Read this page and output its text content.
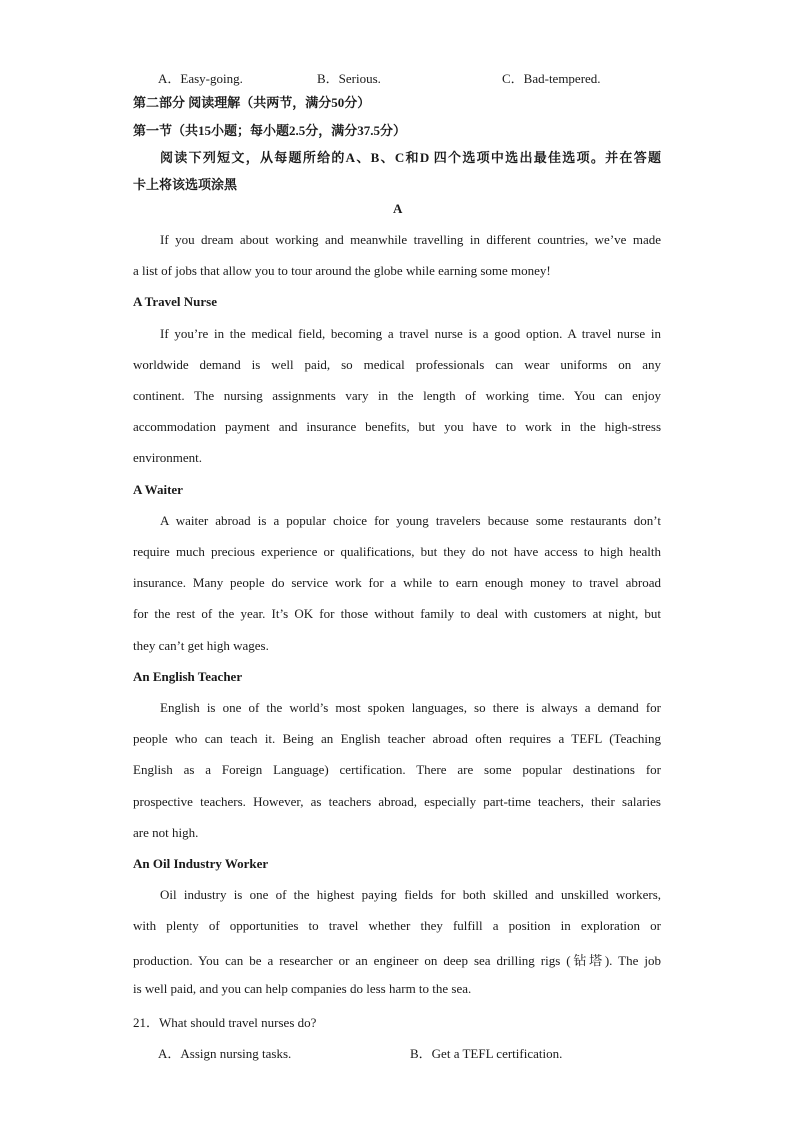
A．Easy-going.	B．Serious.	C．Bad-tempered.
第二部分 阅读理解（共两节，满分50分）
第一节（共15小题；每小题2.5分，满分37.5分）
阅读下列短文，从每题所给的A、B、C和D 四个选项中选出最佳选项。并在答题
卡上将该选项涂黑
A
If you dream about working and meanwhile travelling in different countries, we’ve made
a list of jobs that allow you to tour around the globe while earning some money!
A Travel Nurse
If you’re in the medical field, becoming a travel nurse is a good option. A travel nurse in
worldwide demand is well paid, so medical professionals can wear uniforms on any
continent. The nursing assignments vary in the length of working time. You can enjoy
accommodation payment and insurance benefits, but you have to work in the high-stress
environment.
A Waiter
A waiter abroad is a popular choice for young travelers because some restaurants don’t
require much precious experience or qualifications, but they do not have access to high health
insurance. Many people do service work for a while to earn enough money to travel abroad
for the rest of the year. It’s OK for those without family to deal with customers at night, but
they can’t get high wages.
An English Teacher
English is one of the world’s most spoken languages, so there is always a demand for
people who can teach it. Being an English teacher abroad often requires a TEFL (Teaching
English as a Foreign Language) certification. There are some popular destinations for
prospective teachers. However, as teachers abroad, especially part-time teachers, their salaries
are not high.
An Oil Industry Worker
Oil industry is one of the highest paying fields for both skilled and unskilled workers,
with plenty of opportunities to travel whether they fulfill a position in exploration or
production. You can be a researcher or an engineer on deep sea drilling rigs (钻塔). The job
is well paid, and you can help companies do less harm to the sea.
21．What should travel nurses do?
A．Assign nursing tasks.	B．Get a TEFL certification.
